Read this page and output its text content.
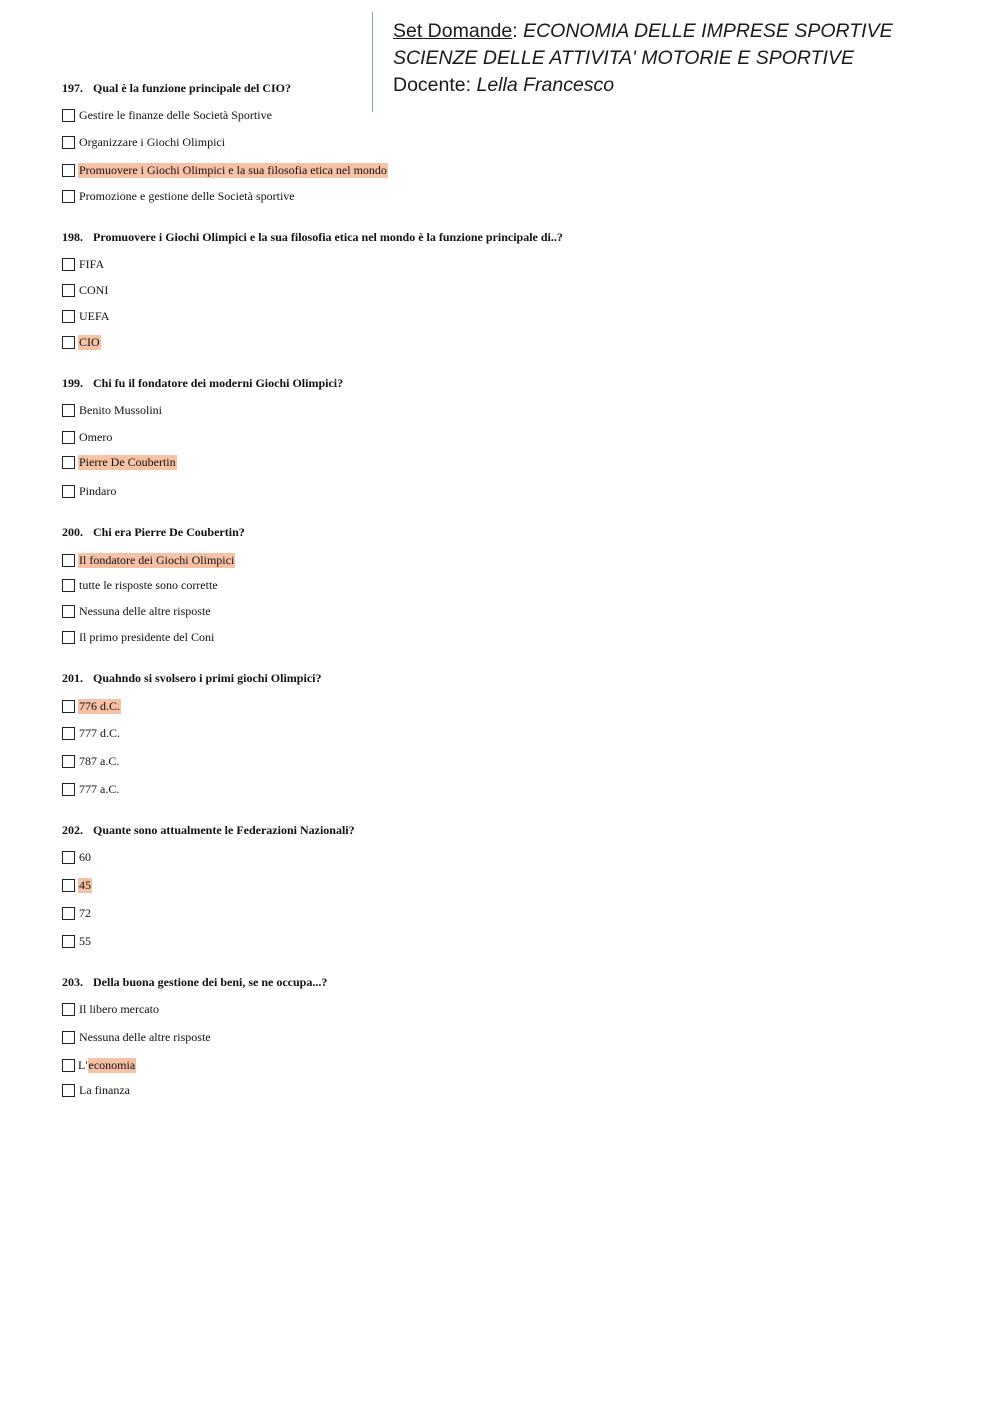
Set Domande: ECONOMIA DELLE IMPRESE SPORTIVE
SCIENZE DELLE ATTIVITA' MOTORIE E SPORTIVE
Docente: Lella Francesco

197. Qual è la funzione principale del CIO?

Gestire le finanze delle Società Sportive
Organizzare i Giochi Olimpici
Promuovere i Giochi Olimpici e la sua filosofia etica nel mondo
Promozione e gestione delle Società sportive

198. Promuovere i Giochi Olimpici e la sua filosofia etica nel mondo è la funzione principale di..?

FIFA
CONI
UEFA
CIO

199. Chi fu il fondatore dei moderni Giochi Olimpici?

Benito Mussolini
Omero
Pierre De Coubertin
Pindaro

200. Chi era Pierre De Coubertin?

Il fondatore dei Giochi Olimpici
tutte le risposte sono corrette
Nessuna delle altre risposte
Il primo presidente del Coni

201. Quahndo si svolsero i primi giochi Olimpici?

776 d.C.
777 d.C.
787 a.C.
777 a.C.

202. Quante sono attualmente le Federazioni Nazionali?

60
45
72
55

203. Della buona gestione dei beni, se ne occupa...?

Il libero mercato
Nessuna delle altre risposte
L' economia
La finanza
